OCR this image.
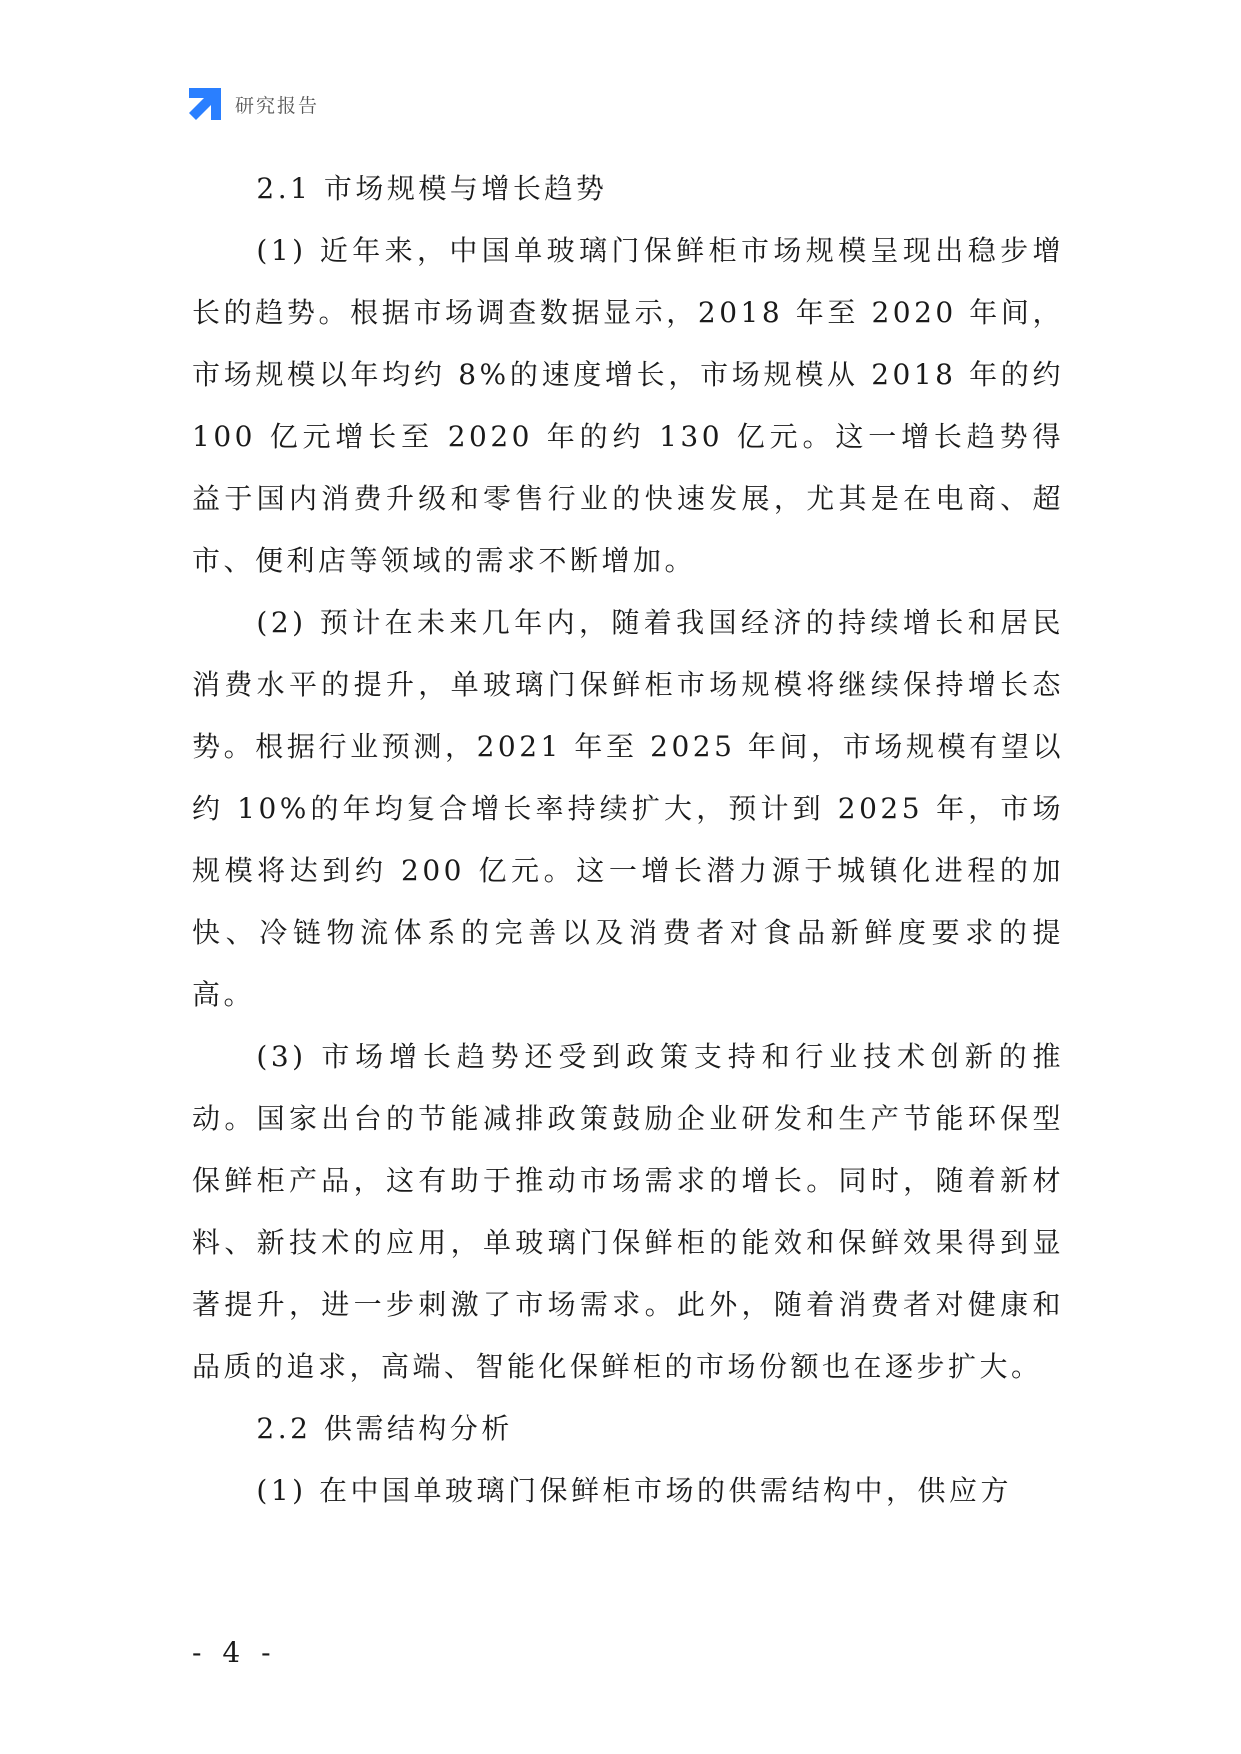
研究报告
2.1 市场规模与增长趋势

(1) 近年来，中国单玻璃门保鲜柜市场规模呈现出稳步增长的趋势。根据市场调查数据显示，2018 年至 2020 年间，市场规模以年均约 8%的速度增长，市场规模从 2018 年的约 100 亿元增长至 2020 年的约 130 亿元。这一增长趋势得益于国内消费升级和零售行业的快速发展，尤其是在电商、超市、便利店等领域的需求不断增加。

(2) 预计在未来几年内，随着我国经济的持续增长和居民消费水平的提升，单玻璃门保鲜柜市场规模将继续保持增长态势。根据行业预测，2021 年至 2025 年间，市场规模有望以约 10%的年均复合增长率持续扩大，预计到 2025 年，市场规模将达到约 200 亿元。这一增长潜力源于城镇化进程的加快、冷链物流体系的完善以及消费者对食品新鲜度要求的提高。

(3) 市场增长趋势还受到政策支持和行业技术创新的推动。国家出台的节能减排政策鼓励企业研发和生产节能环保型保鲜柜产品，这有助于推动市场需求的增长。同时，随着新材料、新技术的应用，单玻璃门保鲜柜的能效和保鲜效果得到显著提升，进一步刺激了市场需求。此外，随着消费者对健康和品质的追求，高端、智能化保鲜柜的市场份额也在逐步扩大。

2.2 供需结构分析

(1) 在中国单玻璃门保鲜柜市场的供需结构中，供应方

- 4 -
